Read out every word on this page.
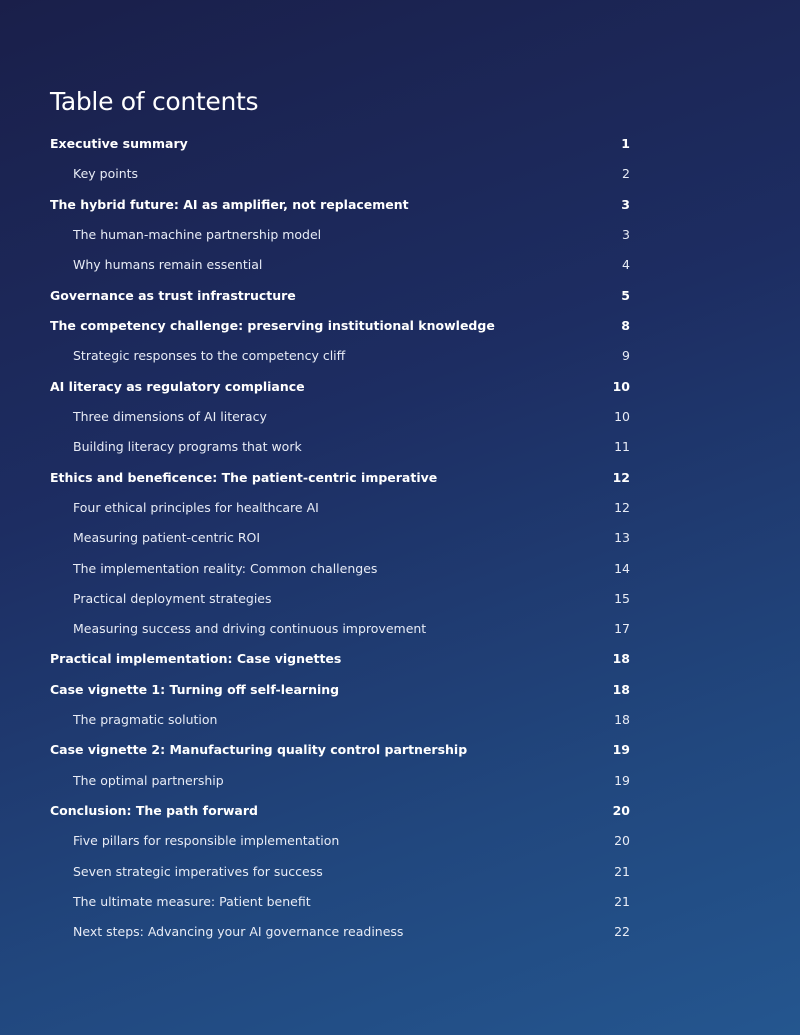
Table of contents
Executive summary	1
Key points	2
The hybrid future: AI as amplifier, not replacement	3
The human-machine partnership model	3
Why humans remain essential	4
Governance as trust infrastructure	5
The competency challenge: preserving institutional knowledge	8
Strategic responses to the competency cliff	9
AI literacy as regulatory compliance	10
Three dimensions of AI literacy	10
Building literacy programs that work	11
Ethics and beneficence: The patient-centric imperative	12
Four ethical principles for healthcare AI	12
Measuring patient-centric ROI	13
The implementation reality: Common challenges	14
Practical deployment strategies	15
Measuring success and driving continuous improvement	17
Practical implementation: Case vignettes	18
Case vignette 1: Turning off self-learning	18
The pragmatic solution	18
Case vignette 2: Manufacturing quality control partnership	19
The optimal partnership	19
Conclusion: The path forward	20
Five pillars for responsible implementation	20
Seven strategic imperatives for success	21
The ultimate measure: Patient benefit	21
Next steps: Advancing your AI governance readiness	22
